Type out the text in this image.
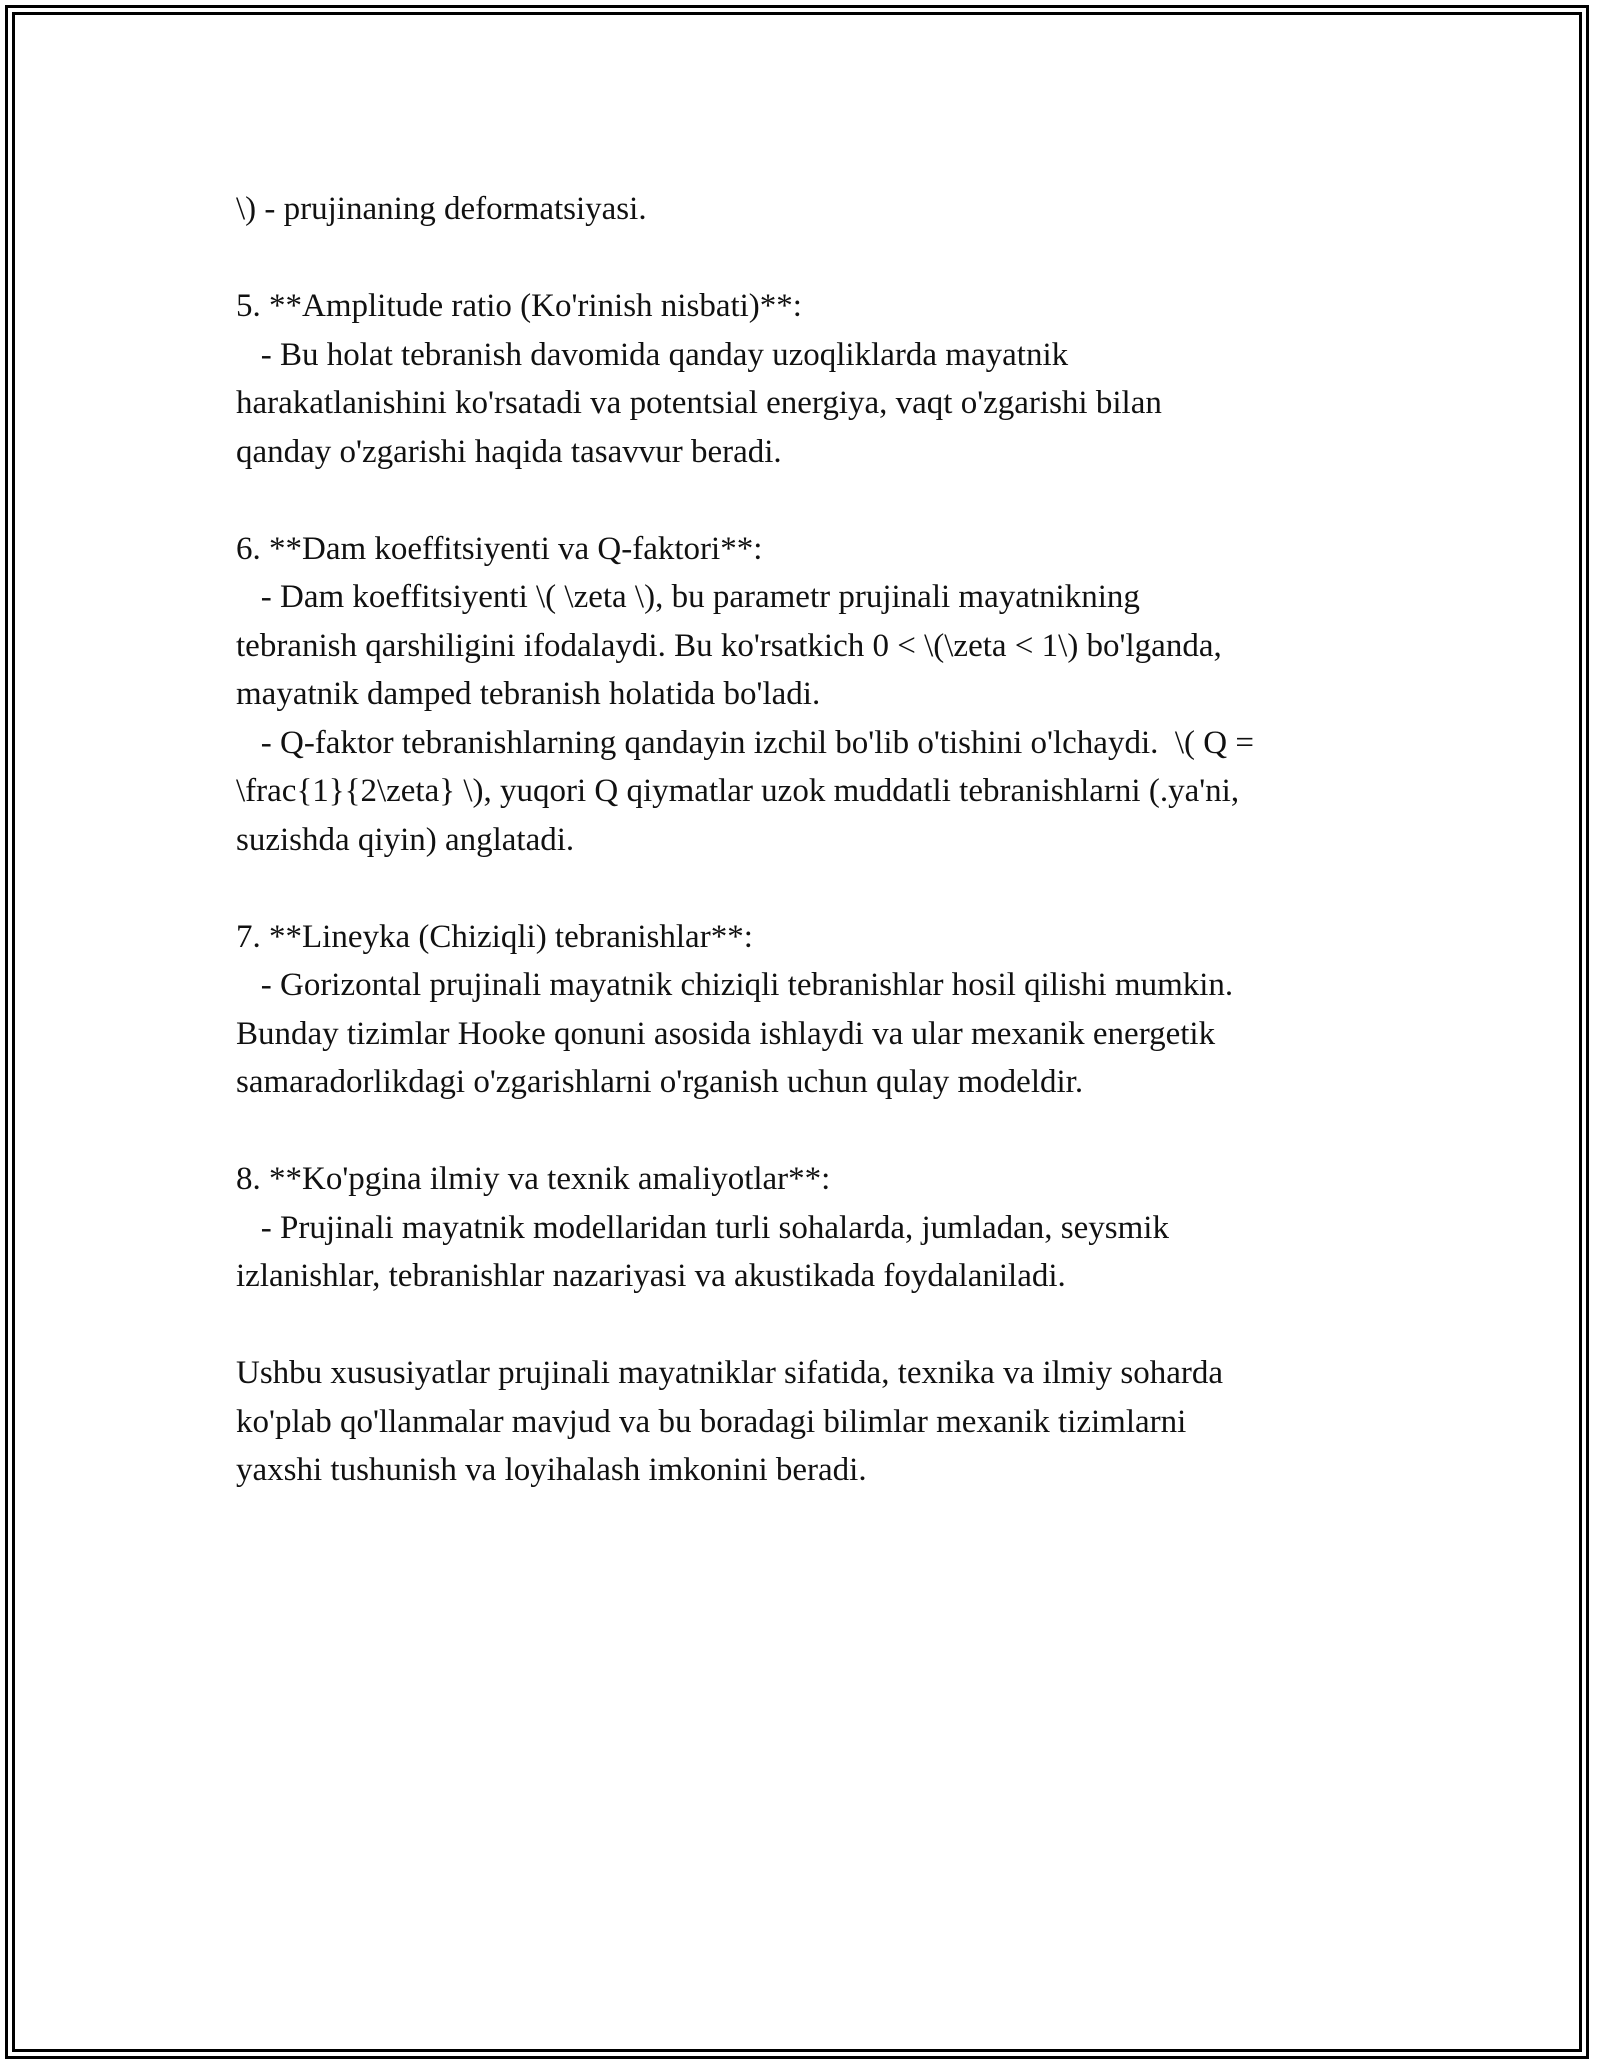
\) - prujinaning deformatsiyasi.
5. **Amplitude ratio (Ko'rinish nisbati)**:
- Bu holat tebranish davomida qanday uzoqliklarda mayatnik
harakatlanishini ko'rsatadi va potentsial energiya, vaqt o'zgarishi bilan
qanday o'zgarishi haqida tasavvur beradi.
6. **Dam koeffitsiyenti va Q-faktori**:
- Dam koeffitsiyenti \( \zeta \), bu parametr prujinali mayatnikning
tebranish qarshiligini ifodalaydi. Bu ko'rsatkich 0 < \(\zeta < 1\) bo'lganda,
mayatnik damped tebranish holatida bo'ladi.
- Q-faktor tebranishlarning qandayin izchil bo'lib o'tishini o'lchaydi.  \( Q =
\frac{1}{2\zeta} \), yuqori Q qiymatlar uzok muddatli tebranishlarni (.ya'ni,
suzishda qiyin) anglatadi.
7. **Lineyka (Chiziqli) tebranishlar**:
- Gorizontal prujinali mayatnik chiziqli tebranishlar hosil qilishi mumkin.
Bunday tizimlar Hooke qonuni asosida ishlaydi va ular mexanik energetik
samaradorlikdagi o'zgarishlarni o'rganish uchun qulay modeldir.
8. **Ko'pgina ilmiy va texnik amaliyotlar**:
- Prujinali mayatnik modellaridan turli sohalarda, jumladan, seysmik
izlanishlar, tebranishlar nazariyasi va akustikada foydalaniladi.
Ushbu xususiyatlar prujinali mayatniklar sifatida, texnika va ilmiy soharda
ko'plab qo'llanmalar mavjud va bu boradagi bilimlar mexanik tizimlarni
yaxshi tushunish va loyihalash imkonini beradi.
